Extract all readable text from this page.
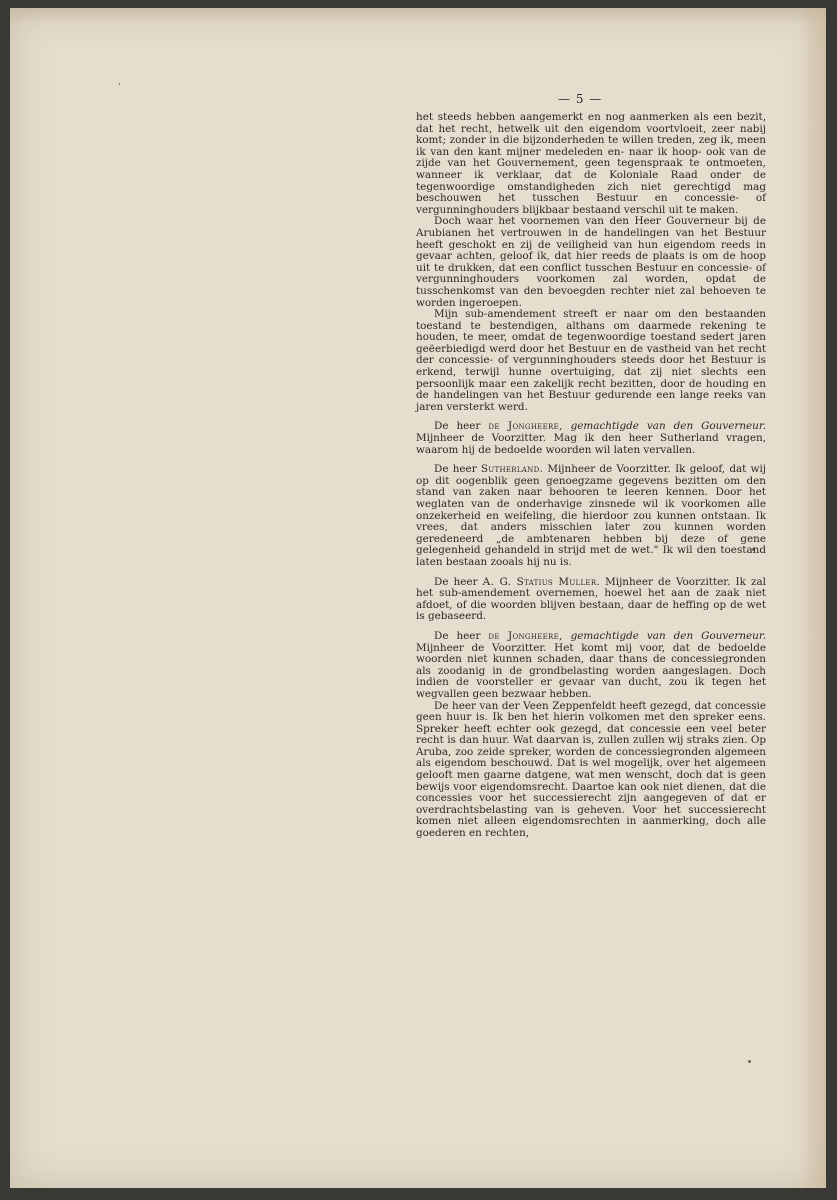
,
— 5 —

het steeds hebben aangemerkt en nog aanmerken als een bezit, dat het recht, hetwelk uit den eigendom voortvloeit, zeer nabij komt; zonder in die bijzonderheden te willen treden, zeg ik, meen ik van den kant mijner medeleden en- naar ik hoop- ook van de zijde van het Gouvernement, geen tegenspraak te ontmoeten, wanneer ik verklaar, dat de Koloniale Raad onder de tegenwoordige omstandigheden zich niet gerechtigd mag beschouwen het tusschen Bestuur en concessie- of vergunninghouders blijkbaar bestaand verschil uit te maken.

Doch waar het voornemen van den Heer Gouverneur bij de Arubianen het vertrouwen in de handelingen van het Bestuur heeft geschokt en zij de veiligheid van hun eigendom reeds in gevaar achten, geloof ik, dat hier reeds de plaats is om de hoop uit te drukken, dat een conflict tusschen Bestuur en concessie- of vergunninghouders voorkomen zal worden, opdat de tusschenkomst van den bevoegden rechter niet zal behoeven te worden ingeroepen.

Mijn sub-amendement streeft er naar om den bestaanden toestand te bestendigen, althans om daarmede rekening te houden, te meer, omdat de tegenwoordige toestand sedert jaren geëerbiedigd werd door het Bestuur en de vastheid van het recht der concessie- of vergunninghouders steeds door het Bestuur is erkend, terwijl hunne overtuiging, dat zij niet slechts een persoonlijk maar een zakelijk recht bezitten, door de houding en de handelingen van het Bestuur gedurende een lange reeks van jaren versterkt werd.

De heer de Jongheere, gemachtigde van den Gouverneur. Mijnheer de Voorzitter. Mag ik den heer Sutherland vragen, waarom hij de bedoelde woorden wil laten vervallen.

De heer Sutherland. Mijnheer de Voorzitter. Ik geloof, dat wij op dit oogenblik geen genoegzame gegevens bezitten om den stand van zaken naar behooren te leeren kennen. Door het weglaten van de onderhavige zinsnede wil ik voorkomen alle onzekerheid en weifeling, die hierdoor zou kunnen ontstaan. Ik vrees, dat anders misschien later zou kunnen worden geredeneerd „de ambtenaren hebben bij deze of gene gelegenheid gehandeld in strijd met de wet." Ik wil den toestand laten bestaan zooals hij nu is.

De heer A. G. Statius Muller. Mijnheer de Voorzitter. Ik zal het sub-amendement overnemen, hoewel het aan de zaak niet afdoet, of die woorden blijven bestaan, daar de heffing op de wet is gebaseerd.

De heer de Jongheere, gemachtigde van den Gouverneur. Mijnheer de Voorzitter. Het komt mij voor, dat de bedoelde woorden niet kunnen schaden, daar thans de concessiegronden als zoodanig in de grondbelasting worden aangeslagen. Doch indien de voorsteller er gevaar van ducht, zou ik tegen het wegvallen geen bezwaar hebben.

De heer van der Veen Zeppenfeldt heeft gezegd, dat concessie geen huur is. Ik ben het hierin volkomen met den spreker eens. Spreker heeft echter ook gezegd, dat concessie een veel beter recht is dan huur. Wat daarvan is, zullen zullen wij straks zien. Op Aruba, zoo zeide spreker, worden de concessiegronden algemeen als eigendom beschouwd. Dat is wel mogelijk, over het algemeen gelooft men gaarne datgene, wat men wenscht, doch dat is geen bewijs voor eigendomsrecht. Daartoe kan ook niet dienen, dat die concessies voor het successierecht zijn aangegeven of dat er overdrachtsbelasting van is geheven. Voor het successierecht komen niet alleen eigendomsrechten in aanmerking, doch alle goederen en rechten,
